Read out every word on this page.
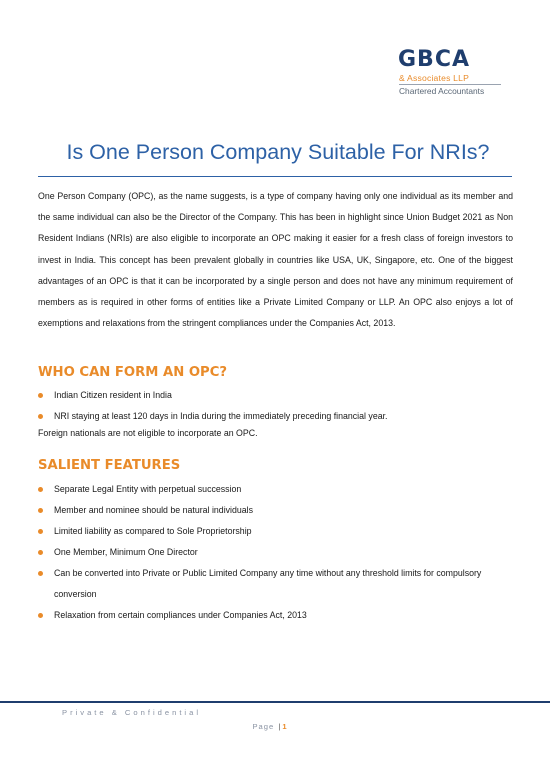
GBCA
& Associates LLP
Chartered Accountants
Is One Person Company Suitable For NRIs?

One Person Company (OPC), as the name suggests, is a type of company having only one individual as its member and the same individual can also be the Director of the Company. This has been in highlight since Union Budget 2021 as Non Resident Indians (NRIs) are also eligible to incorporate an OPC making it easier for a fresh class of foreign investors to invest in India. This concept has been prevalent globally in countries like USA, UK, Singapore, etc. One of the biggest advantages of an OPC is that it can be incorporated by a single person and does not have any minimum requirement of members as is required in other forms of entities like a Private Limited Company or LLP. An OPC also enjoys a lot of exemptions and relaxations from the stringent compliances under the Companies Act, 2013.

WHO CAN FORM AN OPC?
Indian Citizen resident in India
NRI staying at least 120 days in India during the immediately preceding financial year.

Foreign nationals are not eligible to incorporate an OPC.

SALIENT FEATURES
Separate Legal Entity with perpetual succession
Member and nominee should be natural individuals
Limited liability as compared to Sole Proprietorship
One Member, Minimum One Director
Can be converted into Private or Public Limited Company any time without any threshold limits for compulsory conversion
Relaxation from certain compliances under Companies Act, 2013
Private & Confidential
Page |1
